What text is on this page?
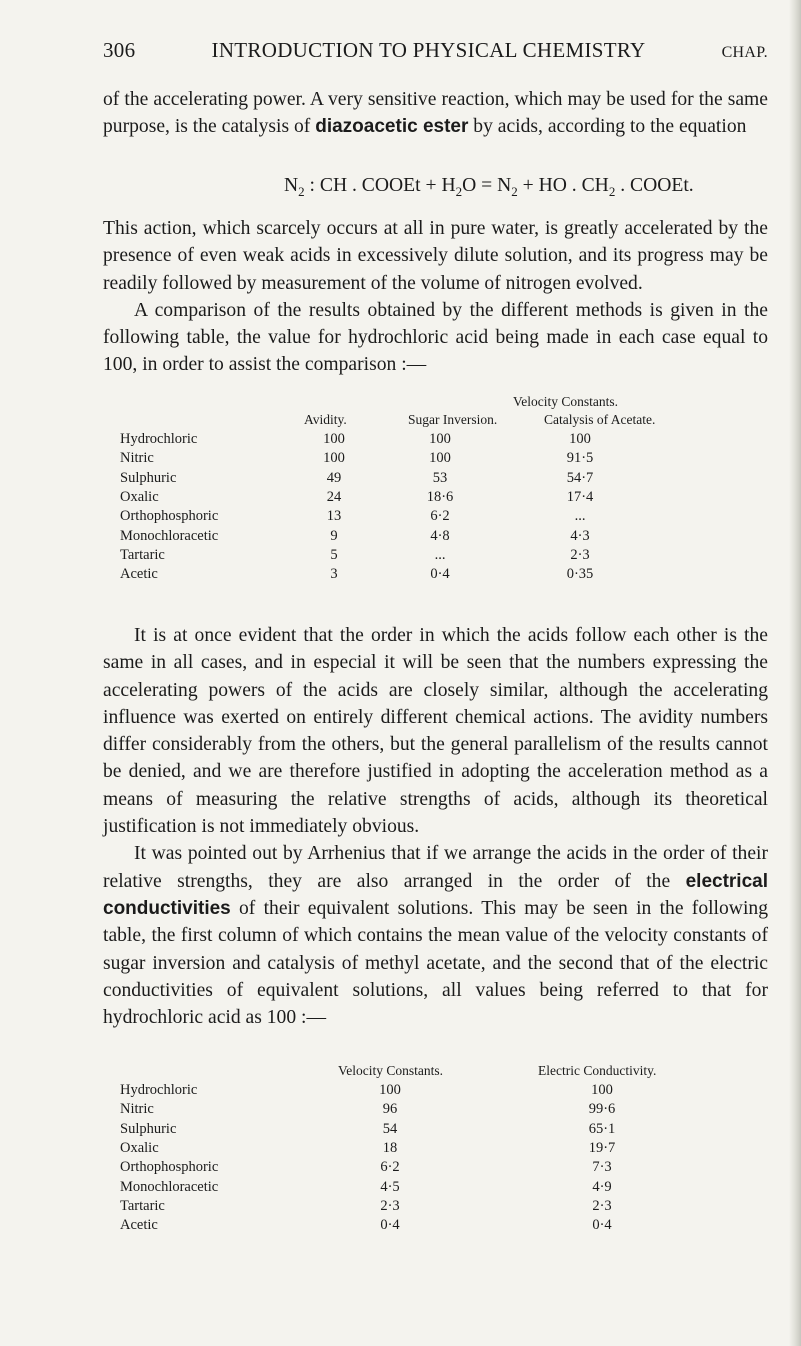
306	INTRODUCTION TO PHYSICAL CHEMISTRY	CHAP.

of the accelerating power. A very sensitive reaction, which may be used for the same purpose, is the catalysis of diazoacetic ester by acids, according to the equation

$N_2$ : CH . COOEt + $H_2O = N_2$ + HO . $CH_2$ . COOEt.

This action, which scarcely occurs at all in pure water, is greatly accelerated by the presence of even weak acids in excessively dilute solution, and its progress may be readily followed by measurement of the volume of nitrogen evolved.

A comparison of the results obtained by the different methods is given in the following table, the value for hydrochloric acid being made in each case equal to 100, in order to assist the comparison :—

Velocity Constants.
Avidity.	Sugar Inversion.	Catalysis of Acetate.
Hydrochloric	100	100	100
Nitric	100	100	91·5
Sulphuric	49	53	54·7
Oxalic	24	18·6	17·4
Orthophosphoric	13	6·2	...
Monochloracetic	9	4·8	4·3
Tartaric	5	...	2·3
Acetic	3	0·4	0·35

It is at once evident that the order in which the acids follow each other is the same in all cases, and in especial it will be seen that the numbers expressing the accelerating powers of the acids are closely similar, although the accelerating influence was exerted on entirely different chemical actions. The avidity numbers differ considerably from the others, but the general parallelism of the results cannot be denied, and we are therefore justified in adopting the acceleration method as a means of measuring the relative strengths of acids, although its theoretical justification is not immediately obvious.

It was pointed out by Arrhenius that if we arrange the acids in the order of their relative strengths, they are also arranged in the order of the electrical conductivities of their equivalent solutions. This may be seen in the following table, the first column of which contains the mean value of the velocity constants of sugar inversion and catalysis of methyl acetate, and the second that of the electric conductivities of equivalent solutions, all values being referred to that for hydrochloric acid as 100 :—

Velocity Constants.	Electric Conductivity.
Hydrochloric	100	100
Nitric	96	99·6
Sulphuric	54	65·1
Oxalic	18	19·7
Orthophosphoric	6·2	7·3
Monochloracetic	4·5	4·9
Tartaric	2·3	2·3
Acetic	0·4	0·4
